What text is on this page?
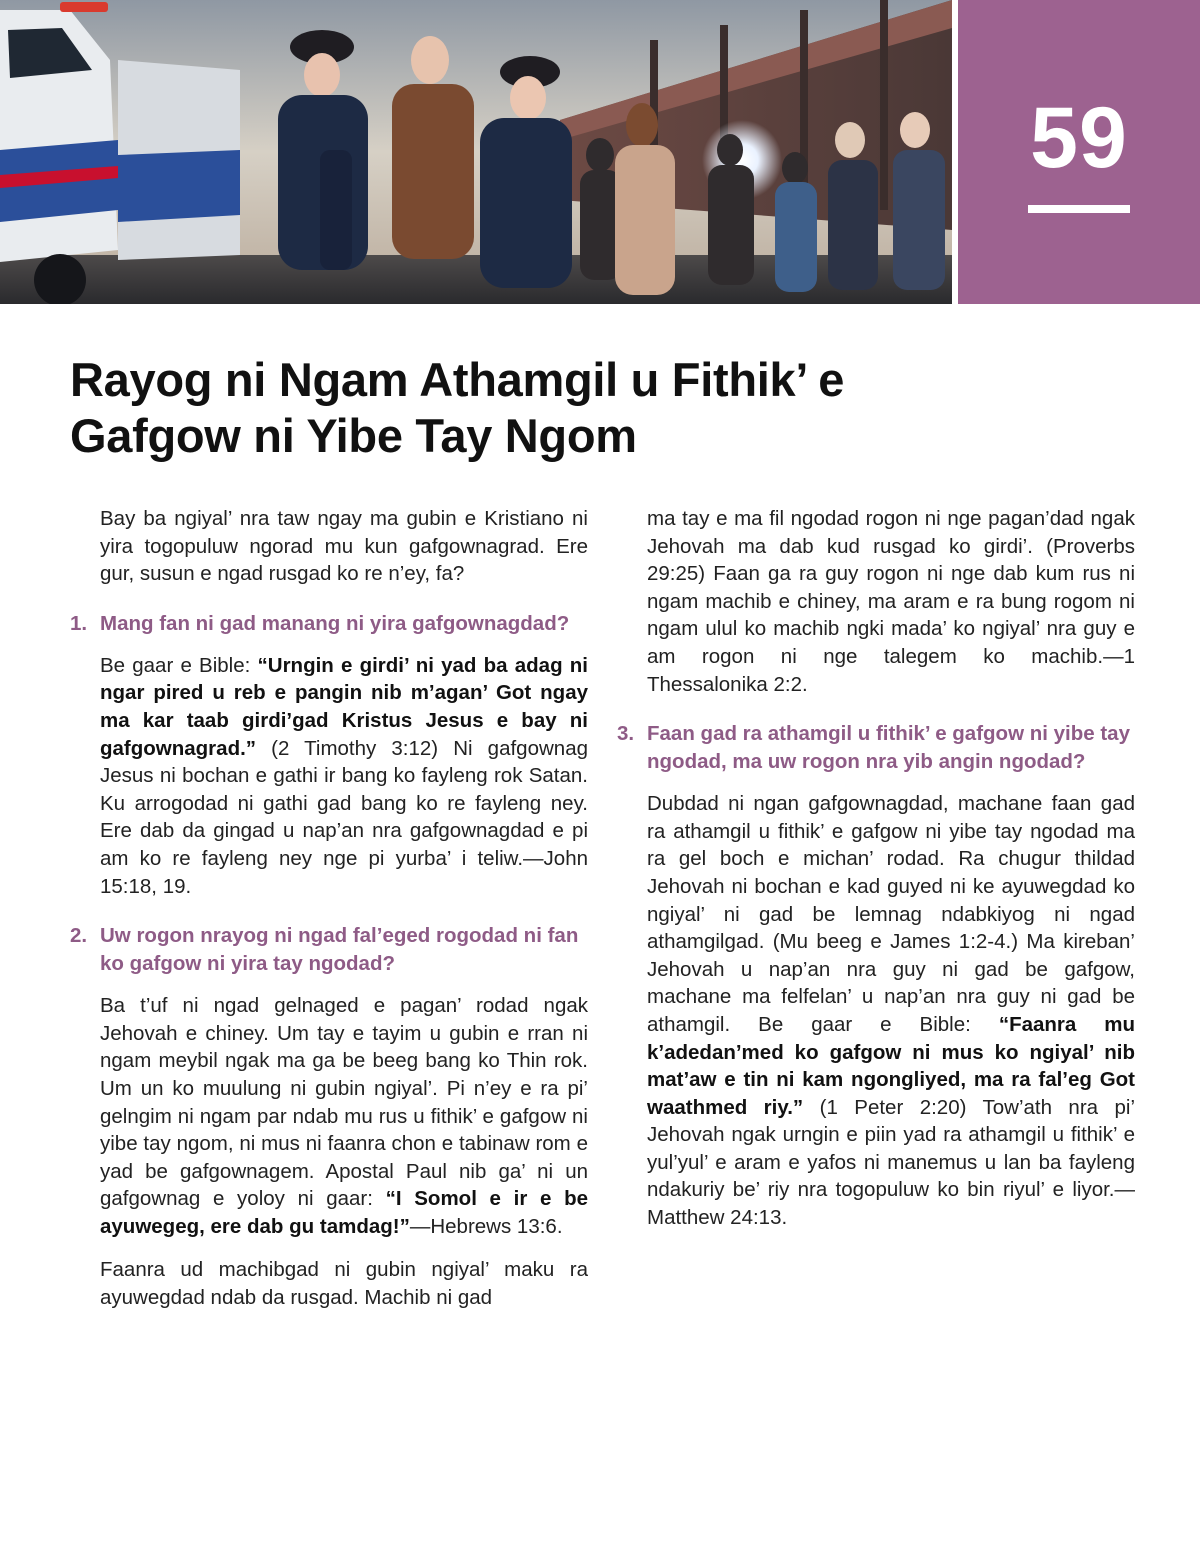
59
Rayog ni Ngam Athamgil u Fithik’ e
Gafgow ni Yibe Tay Ngom

Bay ba ngiyal’ nra taw ngay ma gubin e Kristiano ni yira togopuluw ngorad mu kun gafgownagrad. Ere gur, susun e ngad rusgad ko re n’ey, fa?

1. Mang fan ni gad manang ni yira gafgownagdad?

Be gaar e Bible: “Urngin e girdi’ ni yad ba adag ni ngar pired u reb e pangin nib m’agan’ Got ngay ma kar taab girdi’gad Kristus Jesus e bay ni gafgownagrad.” (2 Timothy 3:12) Ni gafgownag Jesus ni bochan e gathi ir bang ko fayleng rok Satan. Ku arrogodad ni gathi gad bang ko re fayleng ney. Ere dab da gingad u nap’an nra gafgownagdad e pi am ko re fayleng ney nge pi yurba’ i teliw.—John 15:18, 19.

2. Uw rogon nrayog ni ngad fal’eged rogodad ni fan ko gafgow ni yira tay ngodad?

Ba t’uf ni ngad gelnaged e pagan’ rodad ngak Jehovah e chiney. Um tay e tayim u gubin e rran ni ngam meybil ngak ma ga be beeg bang ko Thin rok. Um un ko muulung ni gubin ngiyal’. Pi n’ey e ra pi’ gelngim ni ngam par ndab mu rus u fithik’ e gafgow ni yibe tay ngom, ni mus ni faanra chon e tabinaw rom e yad be gafgownagem. Apostal Paul nib ga’ ni un gafgownag e yoloy ni gaar: “I Somol e ir e be ayuwegeg, ere dab gu tamdag!”—Hebrews 13:6.

Faanra ud machibgad ni gubin ngiyal’ maku ra ayuwegdad ndab da rusgad. Machib ni gad

ma tay e ma fil ngodad rogon ni nge pagan’dad ngak Jehovah ma dab kud rusgad ko girdi’. (Proverbs 29:25) Faan ga ra guy rogon ni nge dab kum rus ni ngam machib e chiney, ma aram e ra bung rogom ni ngam ulul ko machib ngki mada’ ko ngiyal’ nra guy e am rogon ni nge talegem ko machib.—1 Thessalonika 2:2.

3. Faan gad ra athamgil u fithik’ e gafgow ni yibe tay ngodad, ma uw rogon nra yib angin ngodad?

Dubdad ni ngan gafgownagdad, machane faan gad ra athamgil u fithik’ e gafgow ni yibe tay ngodad ma ra gel boch e michan’ rodad. Ra chugur thildad Jehovah ni bochan e kad guyed ni ke ayuwegdad ko ngiyal’ ni gad be lemnag ndabkiyog ni ngad athamgilgad. (Mu beeg e James 1:2-4.) Ma kireban’ Jehovah u nap’an nra guy ni gad be gafgow, machane ma felfelan’ u nap’an nra guy ni gad be athamgil. Be gaar e Bible: “Faanra mu k’adedan’med ko gafgow ni mus ko ngiyal’ nib mat’aw e tin ni kam ngongliyed, ma ra fal’eg Got waathmed riy.” (1 Peter 2:20) Tow’ath nra pi’ Jehovah ngak urngin e piin yad ra athamgil u fithik’ e yul’yul’ e aram e yafos ni manemus u lan ba fayleng ndakuriy be’ riy nra togopuluw ko bin riyul’ e liyor.—Matthew 24:13.
